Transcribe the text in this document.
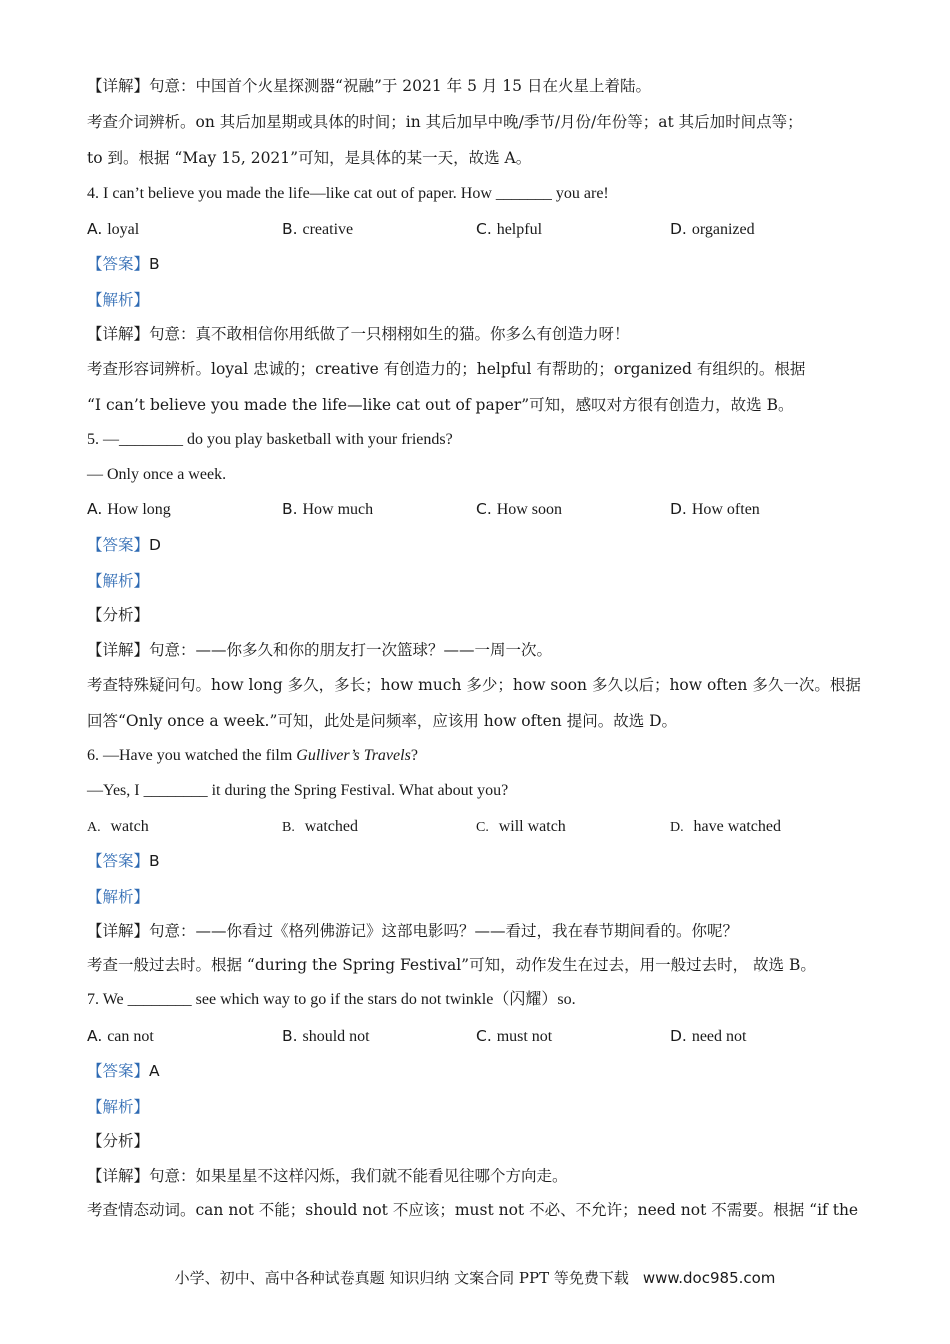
【详解】句意：中国首个火星探测器“祝融”于 2021 年 5 月 15 日在火星上着陆。
考查介词辨析。on 其后加星期或具体的时间；in 其后加早中晚/季节/月份/年份等；at 其后加时间点等；
to 到。根据 “May 15, 2021”可知，是具体的某一天，故选 A。
4. I can’t believe you made the life—like cat out of paper. How _______ you are!
A. loyal	B. creative	C. helpful	D. organized
【答案】B
【解析】
【详解】句意：真不敢相信你用纸做了一只栩栩如生的猫。你多么有创造力呀！
考查形容词辨析。loyal 忠诚的；creative 有创造力的；helpful 有帮助的；organized 有组织的。根据
“I can’t believe you made the life—like cat out of paper”可知，感叹对方很有创造力，故选 B。
5. —________ do you play basketball with your friends?
— Only once a week.
A. How long	B. How much	C. How soon	D. How often
【答案】D
【解析】
【分析】
【详解】句意：——你多久和你的朋友打一次篮球？——一周一次。
考查特殊疑问句。how long 多久，多长；how much 多少；how soon 多久以后；how often 多久一次。根据
回答“Only once a week.”可知，此处是问频率，应该用 how often 提问。故选 D。
6. —Have you watched the film Gulliver’s Travels?
—Yes, I ________ it during the Spring Festival. What about you?
A. watch	B. watched	C. will watch	D. have watched
【答案】B
【解析】
【详解】句意：——你看过《格列佛游记》这部电影吗？——看过，我在春节期间看的。你呢？
考查一般过去时。根据 “during the Spring Festival”可知，动作发生在过去，用一般过去时， 故选 B。
7. We ________ see which way to go if the stars do not twinkle（闪耀）so.
A. can not	B. should not	C. must not	D. need not
【答案】A
【解析】
【分析】
【详解】句意：如果星星不这样闪烁，我们就不能看见往哪个方向走。
考查情态动词。can not 不能；should not 不应该；must not 不必、不允许；need not 不需要。根据 “if the
小学、初中、高中各种试卷真题 知识归纳 文案合同 PPT 等免费下载 www.doc985.com
